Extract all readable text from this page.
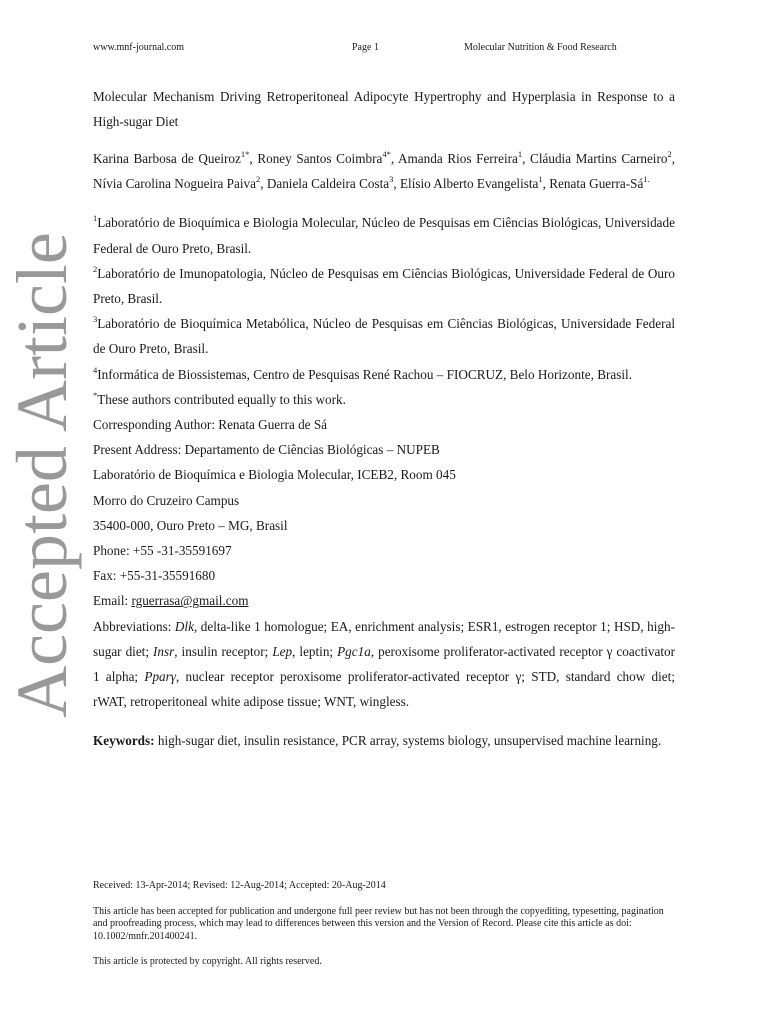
www.mnf-journal.com	Page 1	Molecular Nutrition & Food Research
Accepted Article

Molecular Mechanism Driving Retroperitoneal Adipocyte Hypertrophy and Hyperplasia in Response to a High-sugar Diet

Karina Barbosa de Queiroz$^{1*}$, Roney Santos Coimbra$^{4*}$, Amanda Rios Ferreira$^1$, Cláudia Martins Carneiro$^2$, Nívia Carolina Nogueira Paiva$^2$, Daniela Caldeira Costa$^3$, Elísio Alberto Evangelista$^1$, Renata Guerra-$Sá^{1.}$

$^1$Laboratório de Bioquímica e Biologia Molecular, Núcleo de Pesquisas em Ciências Biológicas, Universidade Federal de Ouro Preto, Brasil.

$^2$Laboratório de Imunopatologia, Núcleo de Pesquisas em Ciências Biológicas, Universidade Federal de Ouro Preto, Brasil.

$^3$Laboratório de Bioquímica Metabólica, Núcleo de Pesquisas em Ciências Biológicas, Universidade Federal de Ouro Preto, Brasil.

$^4$Informática de Biossistemas, Centro de Pesquisas René Rachou – FIOCRUZ, Belo Horizonte, Brasil.

*These authors contributed equally to this work.

Corresponding Author: Renata Guerra de Sá

Present Address: Departamento de Ciências Biológicas – NUPEB

Laboratório de Bioquímica e Biologia Molecular, ICEB2, Room 045

Morro do Cruzeiro Campus

35400-000, Ouro Preto – MG, Brasil

Phone: +55 -31-35591697

Fax: +55-31-35591680

Email: rguerrasa@gmail.com

Abbreviations: Dlk, delta-like 1 homologue; EA, enrichment analysis; ESR1, estrogen receptor 1; HSD, high-sugar diet; Insr, insulin receptor; Lep, leptin; Pgc1a, peroxisome proliferator-activated receptor γ coactivator 1 alpha; Pparγ, nuclear receptor peroxisome proliferator-activated receptor γ; STD, standard chow diet; rWAT, retroperitoneal white adipose tissue; WNT, wingless.

Keywords: high-sugar diet, insulin resistance, PCR array, systems biology, unsupervised machine learning.

Received: 13-Apr-2014; Revised: 12-Aug-2014; Accepted: 20-Aug-2014
This article has been accepted for publication and undergone full peer review but has not been through the copyediting, typesetting, pagination and proofreading process, which may lead to differences between this version and the Version of Record. Please cite this article as doi: 10.1002/mnfr.201400241.
This article is protected by copyright. All rights reserved.
